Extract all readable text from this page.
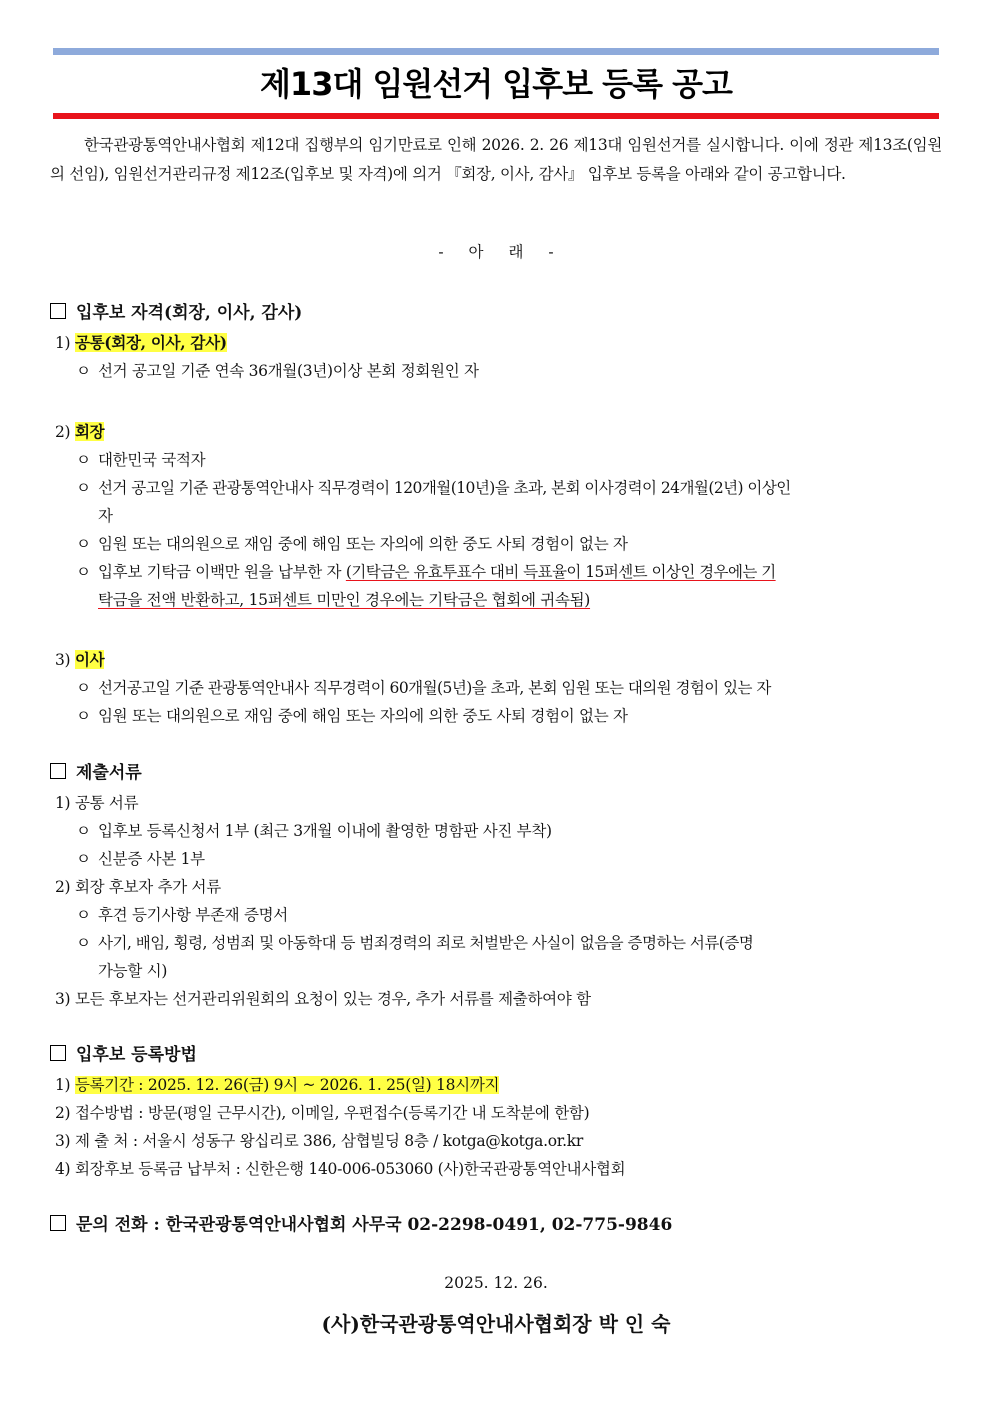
제13대 임원선거 입후보 등록 공고

한국관광통역안내사협회 제12대 집행부의 임기만료로 인해 2026. 2. 26 제13대 임원선거를 실시합니다. 이에 정관 제13조(임원의 선임), 임원선거관리규정 제12조(입후보 및 자격)에 의거 『회장, 이사, 감사』 입후보 등록을 아래와 같이 공고합니다.

- 아 래 -

입후보 자격(회장, 이사, 감사)
1) 공통(회장, 이사, 감사)
ㅇ 선거 공고일 기준 연속 36개월(3년)이상 본회 정회원인 자
2) 회장
ㅇ 대한민국 국적자
ㅇ 선거 공고일 기준 관광통역안내사 직무경력이 120개월(10년)을 초과, 본회 이사경력이 24개월(2년) 이상인
자
ㅇ 임원 또는 대의원으로 재임 중에 해임 또는 자의에 의한 중도 사퇴 경험이 없는 자
ㅇ 입후보 기탁금 이백만 원을 납부한 자 (기탁금은 유효투표수 대비 득표율이 15퍼센트 이상인 경우에는 기
탁금을 전액 반환하고, 15퍼센트 미만인 경우에는 기탁금은 협회에 귀속됨)
3) 이사
ㅇ 선거공고일 기준 관광통역안내사 직무경력이 60개월(5년)을 초과, 본회 임원 또는 대의원 경험이 있는 자
ㅇ 임원 또는 대의원으로 재임 중에 해임 또는 자의에 의한 중도 사퇴 경험이 없는 자
제출서류
1) 공통 서류
ㅇ 입후보 등록신청서 1부 (최근 3개월 이내에 촬영한 명함판 사진 부착)
ㅇ 신분증 사본 1부
2) 회장 후보자 추가 서류
ㅇ 후견 등기사항 부존재 증명서
ㅇ 사기, 배임, 횡령, 성범죄 및 아동학대 등 범죄경력의 죄로 처벌받은 사실이 없음을 증명하는 서류(증명
가능할 시)
3) 모든 후보자는 선거관리위원회의 요청이 있는 경우, 추가 서류를 제출하여야 함
입후보 등록방법
1) 등록기간 : 2025. 12. 26(금) 9시 ~ 2026. 1. 25(일) 18시까지
2) 접수방법 : 방문(평일 근무시간), 이메일, 우편접수(등록기간 내 도착분에 한함)
3) 제 출 처 : 서울시 성동구 왕십리로 386, 삼협빌딩 8층 / kotga@kotga.or.kr
4) 회장후보 등록금 납부처 : 신한은행 140-006-053060 (사)한국관광통역안내사협회
문의 전화 : 한국관광통역안내사협회 사무국 02-2298-0491, 02-775-9846

2025. 12. 26.

(사)한국관광통역안내사협회장 박 인 숙
